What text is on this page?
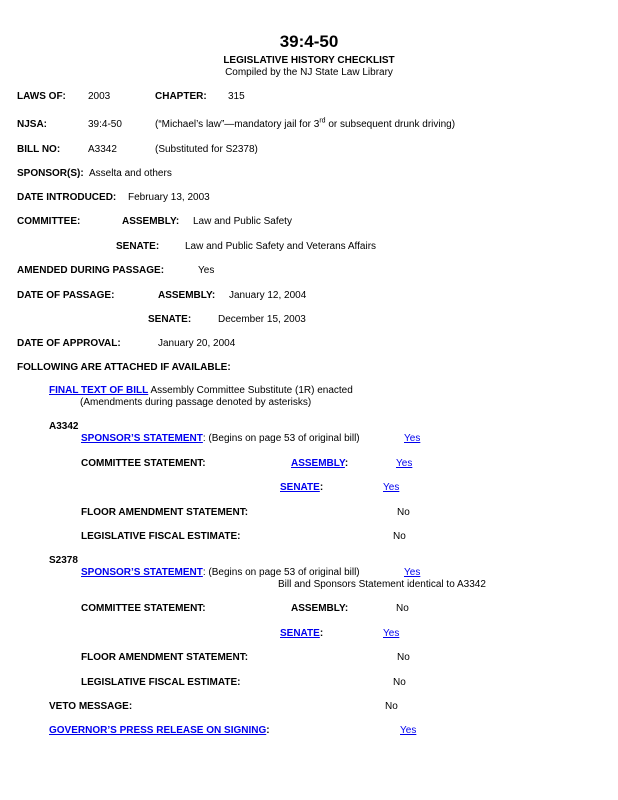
39:4-50
LEGISLATIVE HISTORY CHECKLIST
Compiled by the NJ State Law Library
LAWS OF: 2003	CHAPTER: 315
NJSA:	39:4-50	(“Michael’s law”—mandatory jail for 3rd or subsequent drunk driving)
BILL NO:	A3342	(Substituted for S2378)
SPONSOR(S): Asselta and others
DATE INTRODUCED: February 13, 2003
COMMITTEE:	ASSEMBLY: Law and Public Safety
SENATE:	Law and Public Safety and Veterans Affairs
AMENDED DURING PASSAGE:	Yes
DATE OF PASSAGE:	ASSEMBLY: January 12, 2004
SENATE:	December 15, 2003
DATE OF APPROVAL:	January 20, 2004
FOLLOWING ARE ATTACHED IF AVAILABLE:
FINAL TEXT OF BILL Assembly Committee Substitute (1R) enacted
(Amendments during passage denoted by asterisks)
A3342
SPONSOR’S STATEMENT: (Begins on page 53 of original bill)	Yes
COMMITTEE STATEMENT:	ASSEMBLY:	Yes
SENATE:	Yes
FLOOR AMENDMENT STATEMENT:	No
LEGISLATIVE FISCAL ESTIMATE:	No
S2378
SPONSOR’S STATEMENT: (Begins on page 53 of original bill)	Yes
Bill and Sponsors Statement identical to A3342
COMMITTEE STATEMENT:	ASSEMBLY:	No
SENATE:	Yes
FLOOR AMENDMENT STATEMENT:	No
LEGISLATIVE FISCAL ESTIMATE:	No
VETO MESSAGE:	No
GOVERNOR’S PRESS RELEASE ON SIGNING:	Yes
